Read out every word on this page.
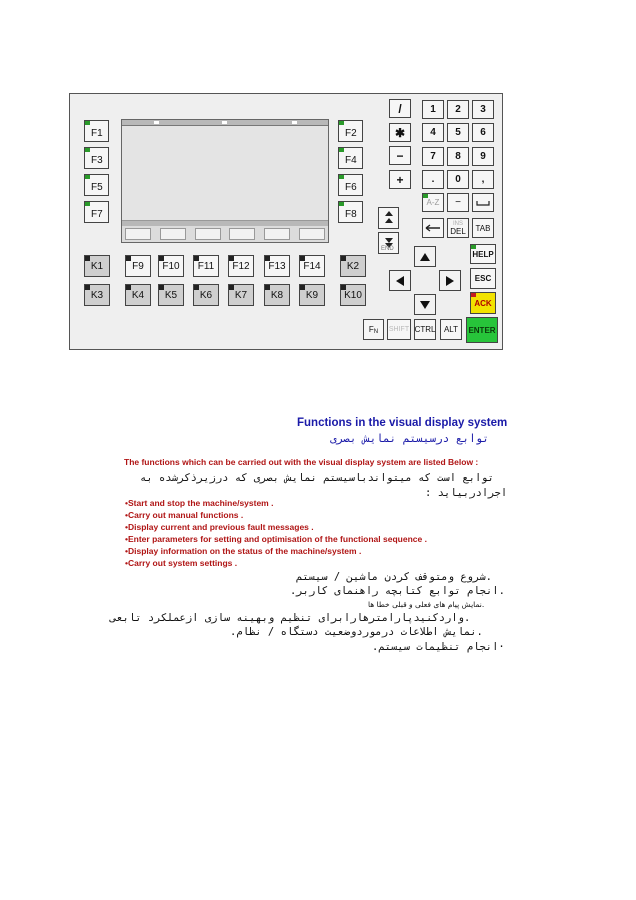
F1
F3
F5
F7
F2
F4
F6
F8
K1	F9	F10	F11	F12	F13	F14	K2
K3	K4	K5	K6	K7	K8	K9	K10
/
✱
−
+
1	2	3
4	5	6
7	8	9
.	0	,
A-Z	−
END
INS
DEL	TAB
HELP
ESC
ACK
F N SHIFT CTRL	ALT	ENTER
Functions in the visual display system
توابع درسیستم نمایش بصری
The functions which can be carried out with the visual display system are listed Below :
توابع است که میتواندباسیستم نمایش بصری که درزیرذکرشده به
اجرادربیاید :
• Start and stop the machine/system .
• Carry out manual functions .
• Display current and previous fault messages .
• Enter parameters for setting and optimisation of the functional sequence .
• Display information on the status of the machine/system .
• Carry out system settings .
.شروع ومتوقف کردن ماشین / سیستم
.انجام توابع کتابچه راهنمای کاربر.
.نمایش پیام های فعلی و قبلی خطا ها
.واردکنیدپارامترهارابرای تنظیم وبهینه سازی ازعملکرد تابعی
.نمایش اطلاعات درموردوضعیت دستگاه / نظام.
·انجام تنظیمات سیستم.
